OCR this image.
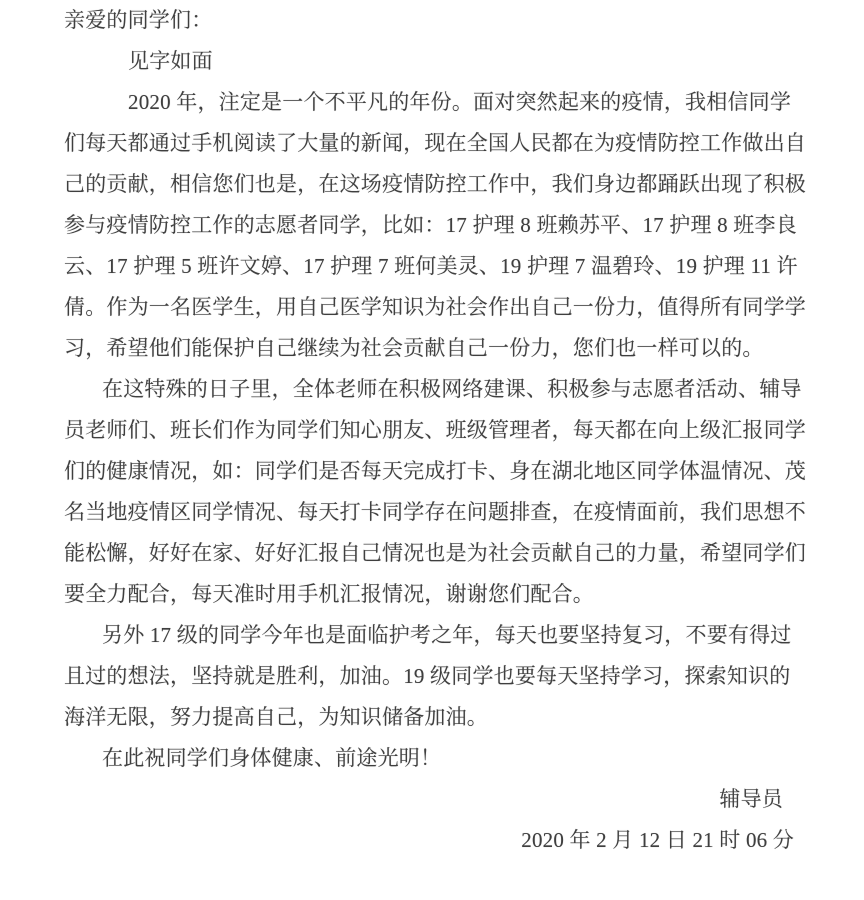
亲爱的同学们：
见字如面
2020 年，注定是一个不平凡的年份。面对突然起来的疫情，我相信同学
们每天都通过手机阅读了大量的新闻，现在全国人民都在为疫情防控工作做出自
己的贡献，相信您们也是，在这场疫情防控工作中，我们身边都踊跃出现了积极
参与疫情防控工作的志愿者同学，比如：17 护理 8 班赖苏平、17 护理 8 班李良
云、17 护理 5 班许文婷、17 护理 7 班何美灵、19 护理 7 温碧玲、19 护理 11 许
倩。作为一名医学生，用自己医学知识为社会作出自己一份力，值得所有同学学
习，希望他们能保护自己继续为社会贡献自己一份力，您们也一样可以的。
在这特殊的日子里，全体老师在积极网络建课、积极参与志愿者活动、辅导
员老师们、班长们作为同学们知心朋友、班级管理者，每天都在向上级汇报同学
们的健康情况，如：同学们是否每天完成打卡、身在湖北地区同学体温情况、茂
名当地疫情区同学情况、每天打卡同学存在问题排查，在疫情面前，我们思想不
能松懈，好好在家、好好汇报自己情况也是为社会贡献自己的力量，希望同学们
要全力配合，每天准时用手机汇报情况，谢谢您们配合。
另外 17 级的同学今年也是面临护考之年，每天也要坚持复习，不要有得过
且过的想法，坚持就是胜利，加油。19 级同学也要每天坚持学习，探索知识的
海洋无限，努力提高自己，为知识储备加油。
在此祝同学们身体健康、前途光明！
辅导员
2020 年 2 月 12 日 21 时 06 分
